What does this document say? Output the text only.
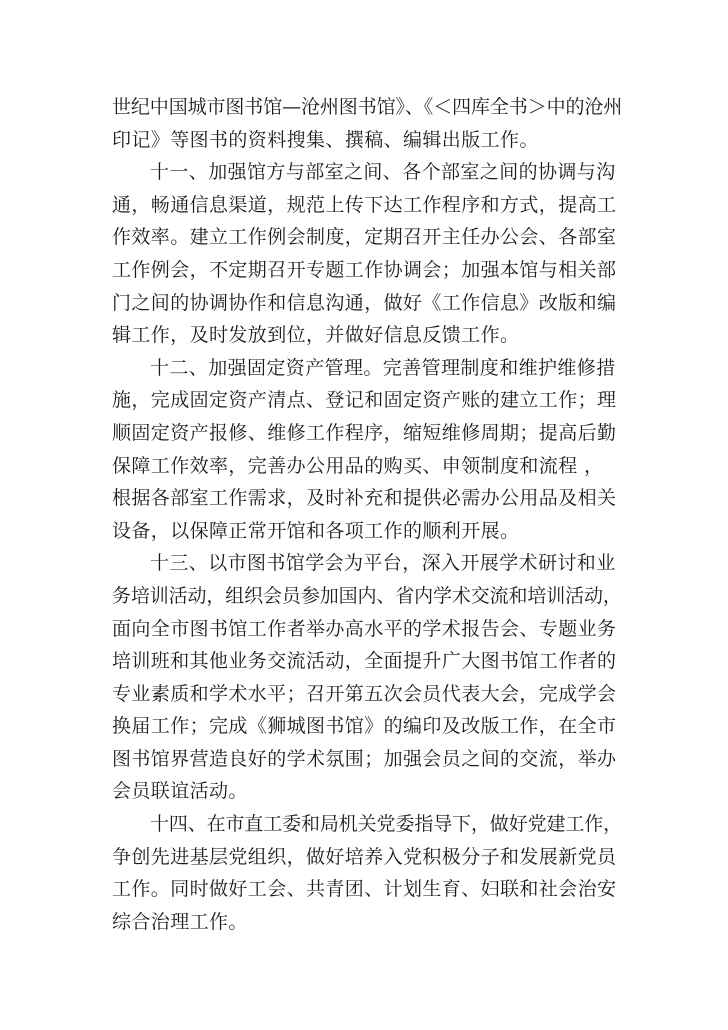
世纪中国城市图书馆—沧州图书馆》、《＜四库全书＞中的沧州
印记》等图书的资料搜集、撰稿、编辑出版工作。
十一、加强馆方与部室之间、各个部室之间的协调与沟
通，畅通信息渠道，规范上传下达工作程序和方式，提高工
作效率。建立工作例会制度，定期召开主任办公会、各部室
工作例会，不定期召开专题工作协调会；加强本馆与相关部
门之间的协调协作和信息沟通，做好《工作信息》改版和编
辑工作，及时发放到位，并做好信息反馈工作。
十二、加强固定资产管理。完善管理制度和维护维修措
施，完成固定资产清点、登记和固定资产账的建立工作；理
顺固定资产报修、维修工作程序，缩短维修周期；提高后勤
保障工作效率，完善办公用品的购买、申领制度和流程 ，
根据各部室工作需求，及时补充和提供必需办公用品及相关
设备，以保障正常开馆和各项工作的顺利开展。
十三、以市图书馆学会为平台，深入开展学术研讨和业
务培训活动，组织会员参加国内、省内学术交流和培训活动，
面向全市图书馆工作者举办高水平的学术报告会、专题业务
培训班和其他业务交流活动，全面提升广大图书馆工作者的
专业素质和学术水平；召开第五次会员代表大会，完成学会
换届工作；完成《狮城图书馆》的编印及改版工作，在全市
图书馆界营造良好的学术氛围；加强会员之间的交流，举办
会员联谊活动。
十四、在市直工委和局机关党委指导下，做好党建工作，
争创先进基层党组织，做好培养入党积极分子和发展新党员
工作。同时做好工会、共青团、计划生育、妇联和社会治安
综合治理工作。
